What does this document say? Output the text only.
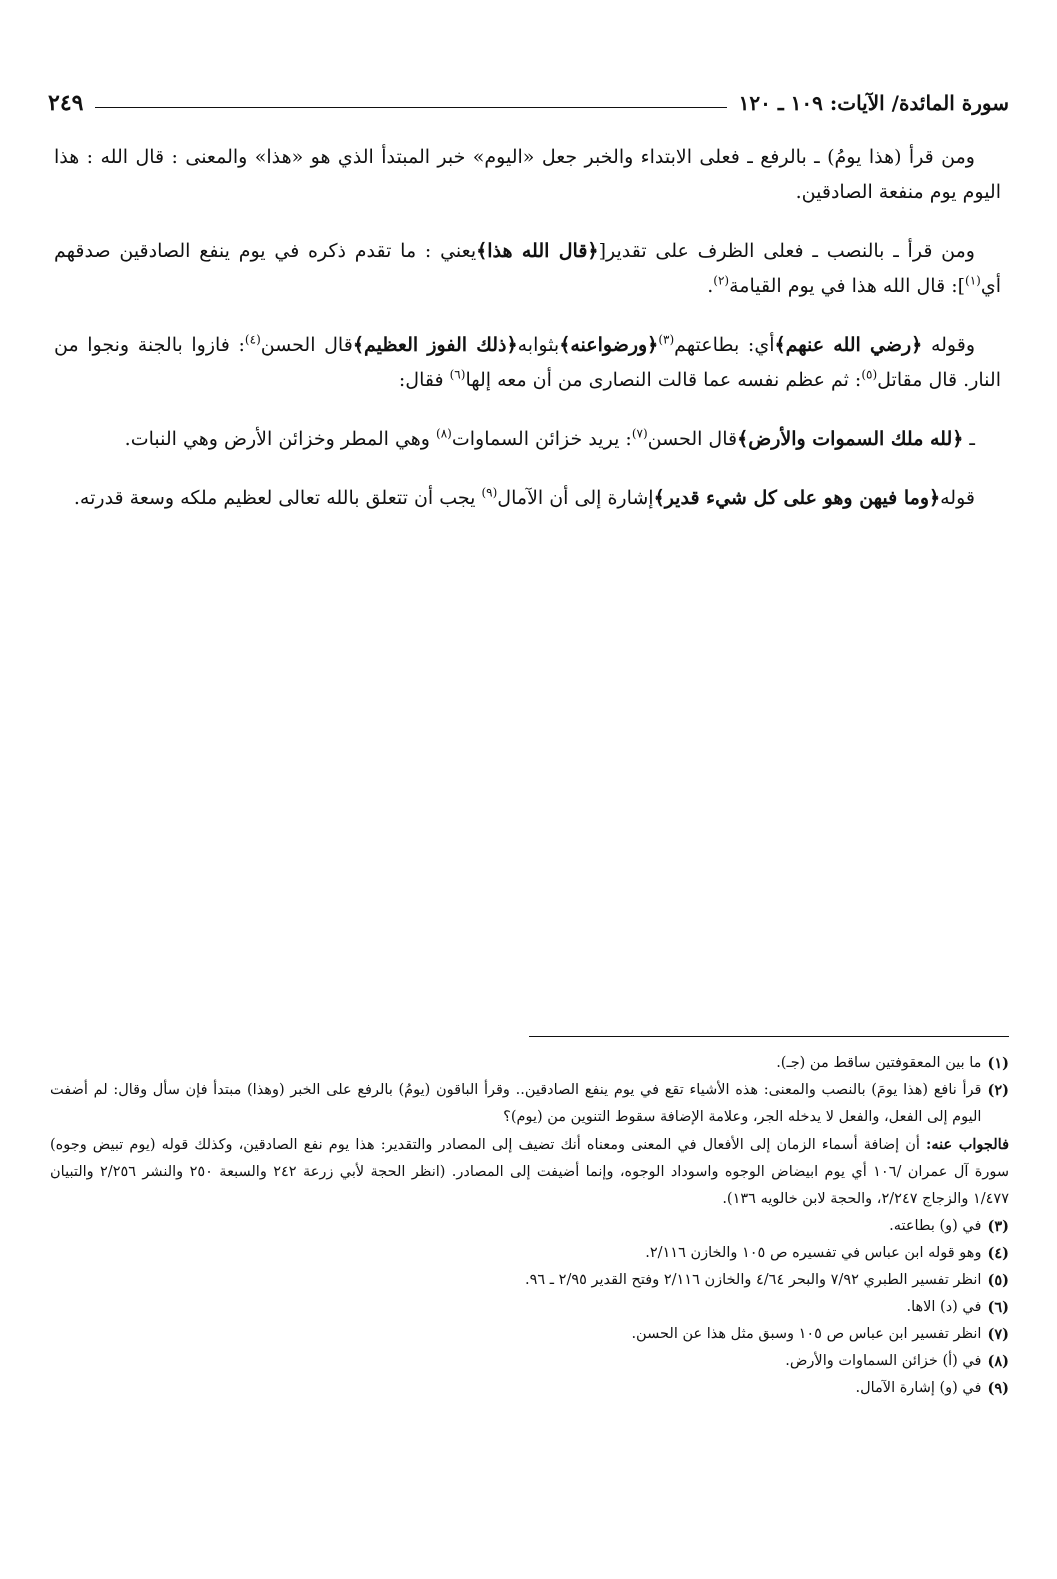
سورة المائدة/ الآيات: ١٠٩ ـ ١٢٠
٢٤٩

ومن قرأ (هذا يومُ) ـ بالرفع ـ فعلى الابتداء والخبر جعل «اليوم» خبر المبتدأ الذي هو «هذا» والمعنى : قال الله : هذا اليوم يوم منفعة الصادقين.

ومن قرأ ـ بالنصب ـ فعلى الظرف على تقدير[﴿قال الله هذا﴾يعني : ما تقدم ذكره في يوم ينفع الصادقين صدقهم أي$^{(١)}$]: قال الله هذا في يوم القيامة$^{(٢)}$.

وقوله ﴿رضي الله عنهم﴾أي: بطاعتهم$^{(٣)}$﴿ورضواعنه﴾بثوابه﴿ذلك الفوز العظيم﴾قال الحسن$^{(٤)}$: فازوا بالجنة ونجوا من النار. قال مقاتل$^{(٥)}$: ثم عظم نفسه عما قالت النصارى من أن معه إلها$^{(٦)}$ فقال:

ـ ﴿لله ملك السموات والأرض﴾قال الحسن$^{(٧)}$: يريد خزائن السماوات$^{(٨)}$ وهي المطر وخزائن الأرض وهي النبات.

قوله﴿وما فيهن وهو على كل شيء قدير﴾إشارة إلى أن الآمال$^{(٩)}$ يجب أن تتعلق بالله تعالى لعظيم ملكه وسعة قدرته.

(١)
ما بين المعقوفتين ساقط من (جـ).

(٢)
قرأ نافع (هذا يومَ) بالنصب والمعنى: هذه الأشياء تقع في يوم ينفع الصادقين.. وقرأ الباقون (يومُ) بالرفع على الخبر (وهذا) مبتدأ فإن سأل وقال: لم أضفت اليوم إلى الفعل، والفعل لا يدخله الجر، وعلامة الإضافة سقوط التنوين من (يوم)؟

فالجواب عنه: أن إضافة أسماء الزمان إلى الأفعال في المعنى ومعناه أنك تضيف إلى المصادر والتقدير: هذا يوم نفع الصادقين، وكذلك قوله (يوم تبيض وجوه) سورة آل عمران /١٠٦ أي يوم ابيضاض الوجوه واسوداد الوجوه، وإنما أضيفت إلى المصادر. (انظر الحجة لأبي زرعة ٢٤٢ والسبعة ٢٥٠ والنشر ٢/٢٥٦ والتبيان ١/٤٧٧ والزجاج ٢/٢٤٧، والحجة لابن خالويه ١٣٦).

(٣)
في (و) بطاعته.

(٤)
وهو قوله ابن عباس في تفسيره ص ١٠٥ والخازن ٢/١١٦.

(٥)
انظر تفسير الطبري ٧/٩٢ والبحر ٤/٦٤ والخازن ٢/١١٦ وفتح القدير ٢/٩٥ ـ ٩٦.

(٦)
في (د) الاها.

(٧)
انظر تفسير ابن عباس ص ١٠٥ وسبق مثل هذا عن الحسن.

(٨)
في (أ) خزائن السماوات والأرض.

(٩)
في (و) إشارة الآمال.
